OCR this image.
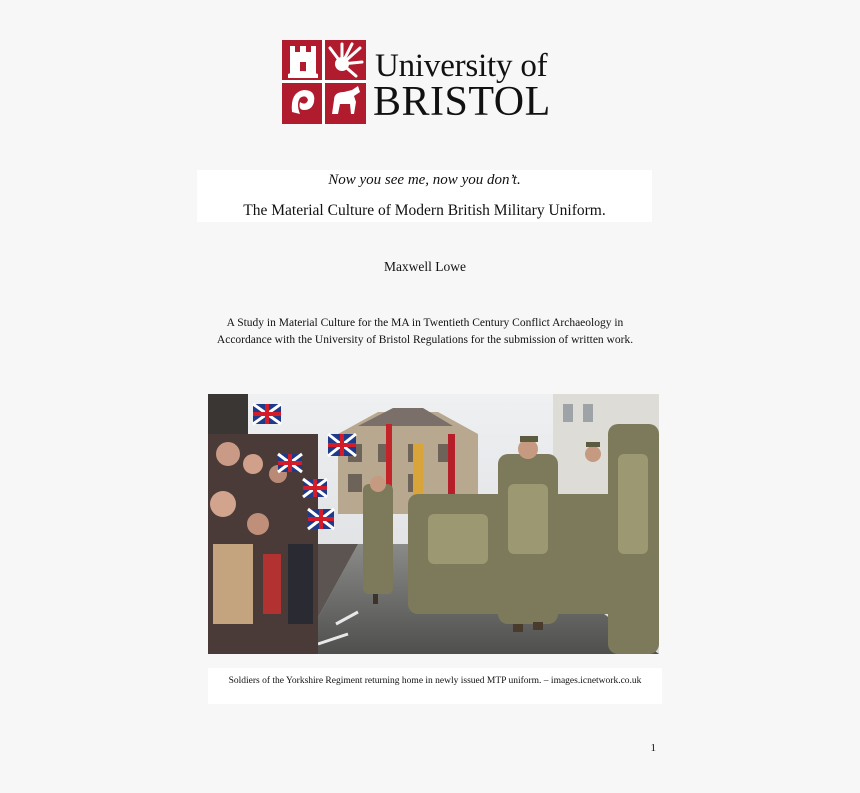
University of
BRISTOL
Now you see me, now you don’t.
The Material Culture of Modern British Military Uniform.
Maxwell Lowe
A Study in Material Culture for the MA in Twentieth Century Conflict Archaeology in
Accordance with the University of Bristol Regulations for the submission of written work.
Soldiers of the Yorkshire Regiment returning home in newly issued MTP uniform. – images.icnetwork.co.uk
1
